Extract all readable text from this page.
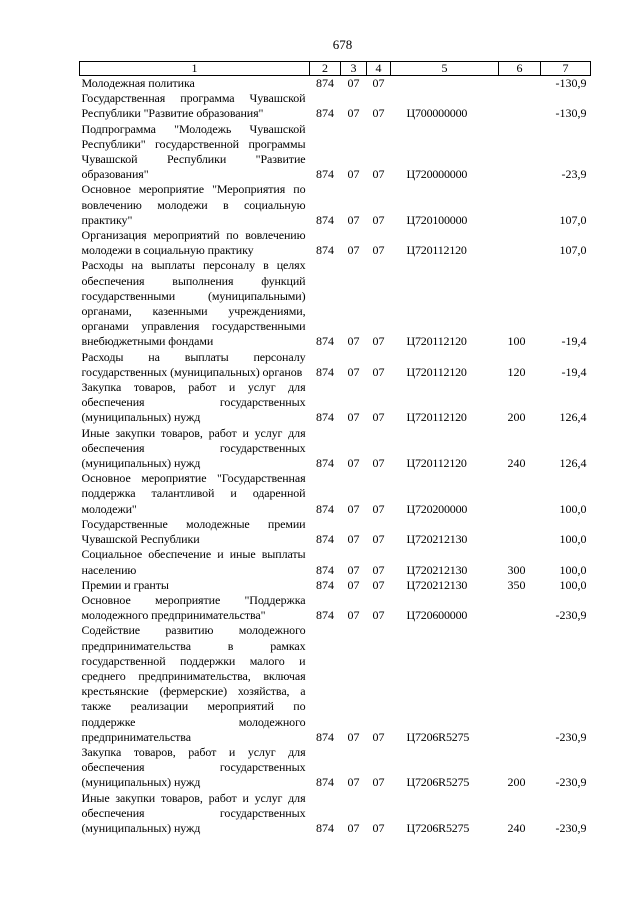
678
1	2	3	4	5	6	7
Молодежная политика	874	07	07			-130,9
Государственная программа Чувашской Республики "Развитие образования"	874	07	07	Ц700000000		-130,9
Подпрограмма "Молодежь Чувашской Республики" государственной программы Чувашской Республики "Развитие образования"	874	07	07	Ц720000000		-23,9
Основное мероприятие "Мероприятия по вовлечению молодежи в социальную практику"	874	07	07	Ц720100000		107,0
Организация мероприятий по вовлечению молодежи в социальную практику	874	07	07	Ц720112120		107,0
Расходы на выплаты персоналу в целях обеспечения выполнения функций государственными (муниципальными) органами, казенными учреждениями, органами управления государственными внебюджетными фондами	874	07	07	Ц720112120	100	-19,4
Расходы на выплаты персоналу государственных (муниципальных) органов	874	07	07	Ц720112120	120	-19,4
Закупка товаров, работ и услуг для обеспечения государственных (муниципальных) нужд	874	07	07	Ц720112120	200	126,4
Иные закупки товаров, работ и услуг для обеспечения государственных (муниципальных) нужд	874	07	07	Ц720112120	240	126,4
Основное мероприятие "Государственная поддержка талантливой и одаренной молодежи"	874	07	07	Ц720200000		100,0
Государственные молодежные премии Чувашской Республики	874	07	07	Ц720212130		100,0
Социальное обеспечение и иные выплаты населению	874	07	07	Ц720212130	300	100,0
Премии и гранты	874	07	07	Ц720212130	350	100,0
Основное мероприятие "Поддержка молодежного предпринимательства"	874	07	07	Ц720600000		-230,9
Содействие развитию молодежного предпринимательства в рамках государственной поддержки малого и среднего предпринимательства, включая крестьянские (фермерские) хозяйства, а также реализации мероприятий по поддержке молодежного предпринимательства	874	07	07	Ц7206R5275		-230,9
Закупка товаров, работ и услуг для обеспечения государственных (муниципальных) нужд	874	07	07	Ц7206R5275	200	-230,9
Иные закупки товаров, работ и услуг для обеспечения государственных (муниципальных) нужд	874	07	07	Ц7206R5275	240	-230,9
